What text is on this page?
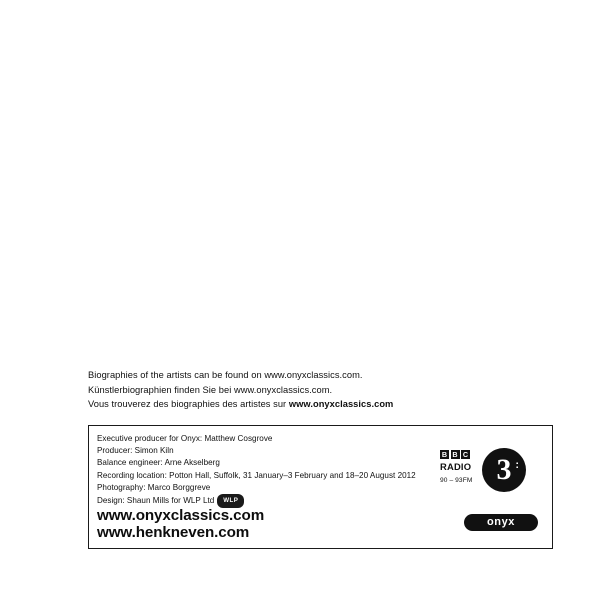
Biographies of the artists can be found on www.onyxclassics.com.
Künstlerbiographien finden Sie bei www.onyxclassics.com.
Vous trouverez des biographies des artistes sur www.onyxclassics.com
Executive producer for Onyx: Matthew Cosgrove
Producer: Simon Kiln
Balance engineer: Arne Akselberg
Recording location: Potton Hall, Suffolk, 31 January–3 February and 18–20 August 2012
Photography: Marco Borggreve
Design: Shaun Mills for WLP Ltd WLP
www.onyxclassics.com
www.henkneven.com
B B C
RADIO
90 – 93FM 3 :
onyx
